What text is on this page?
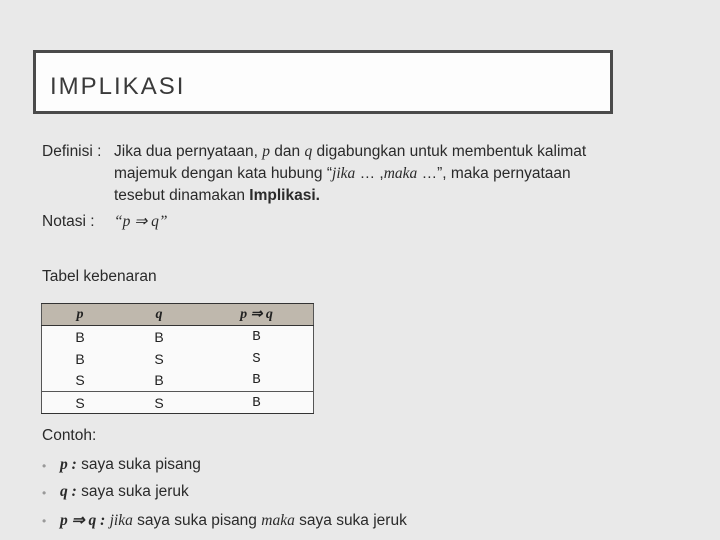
IMPLIKASI
Definisi : Jika dua pernyataan, p dan q digabungkan untuk membentuk kalimat
majemuk dengan kata hubung “jika … ,maka …”, maka pernyataan
tesebut dinamakan Implikasi.
Notasi : “p ⇒ q”
Tabel kebenaran
p	q	p ⇒ q
B	B	B
B	S	S
S	B	B
S	S	B
Contoh:
• p : saya suka pisang
• q : saya suka jeruk
• p ⇒ q : jika saya suka pisang maka saya suka jeruk
